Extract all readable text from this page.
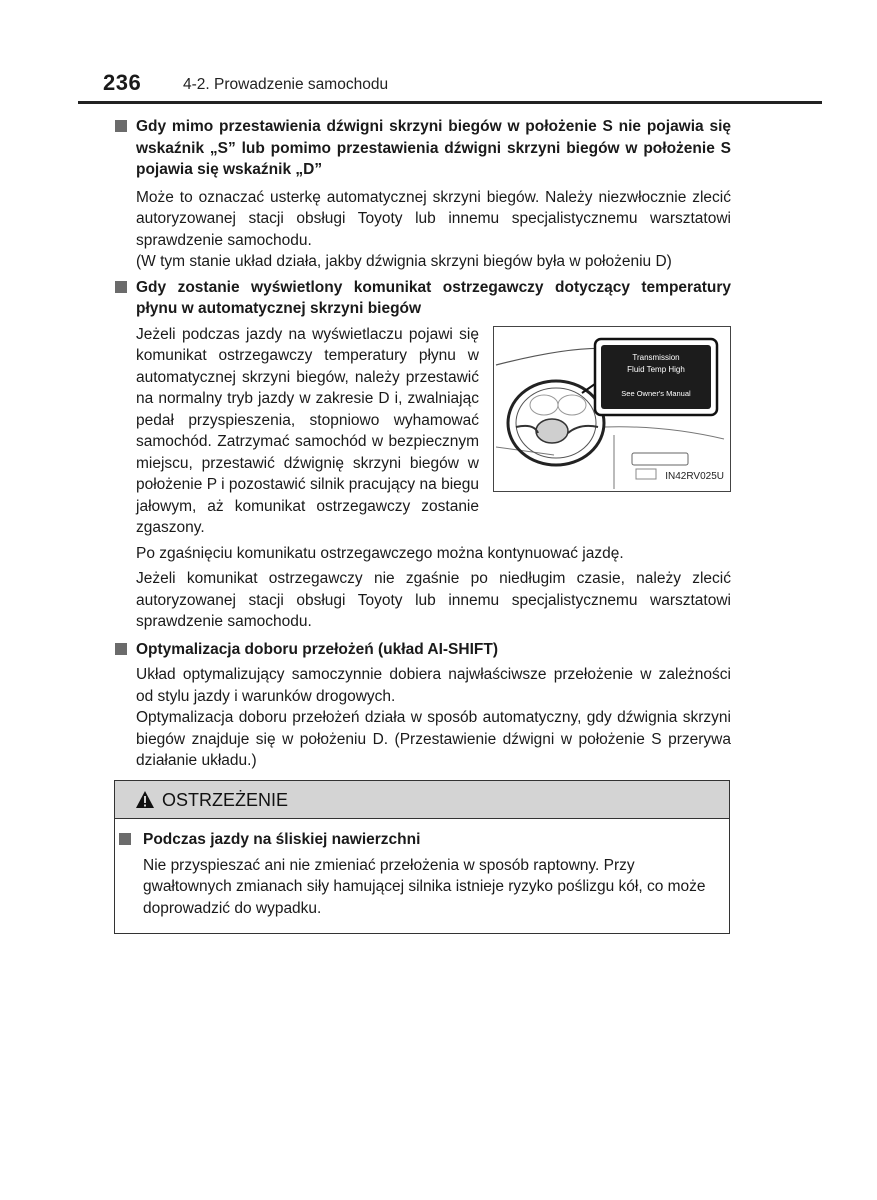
236	4-2. Prowadzenie samochodu

Gdy mimo przestawienia dźwigni skrzyni biegów w położenie S nie pojawia się wskaźnik „S” lub pomimo przestawienia dźwigni skrzyni biegów w położenie S pojawia się wskaźnik „D”

Może to oznaczać usterkę automatycznej skrzyni biegów. Należy niezwłocznie zlecić autoryzowanej stacji obsługi Toyoty lub innemu specjalistycznemu warsztatowi sprawdzenie samochodu.

(W tym stanie układ działa, jakby dźwignia skrzyni biegów była w położeniu D)

Gdy zostanie wyświetlony komunikat ostrzegawczy dotyczący temperatury płynu w automatycznej skrzyni biegów

Transmission
Fluid Temp High
See Owner's Manual
IN42RV025U
Jeżeli podczas jazdy na wyświetlaczu pojawi się komunikat ostrzegawczy temperatury płynu w automatycznej skrzyni biegów, należy przestawić na normalny tryb jazdy w zakresie D i, zwalniając pedał przyspieszenia, stopniowo wyhamować samochód. Zatrzymać samochód w bezpiecznym miejscu, przestawić dźwignię skrzyni biegów w położenie P i pozostawić silnik pracujący na biegu jałowym, aż komunikat ostrzegawczy zostanie zgaszony.

Po zgaśnięciu komunikatu ostrzegawczego można kontynuować jazdę.

Jeżeli komunikat ostrzegawczy nie zgaśnie po niedługim czasie, należy zlecić autoryzowanej stacji obsługi Toyoty lub innemu specjalistycznemu warsztatowi sprawdzenie samochodu.

Optymalizacja doboru przełożeń (układ AI-SHIFT)

Układ optymalizujący samoczynnie dobiera najwłaściwsze przełożenie w zależności od stylu jazdy i warunków drogowych.

Optymalizacja doboru przełożeń działa w sposób automatyczny, gdy dźwignia skrzyni biegów znajduje się w położeniu D. (Przestawienie dźwigni w położenie S przerywa działanie układu.)

OSTRZEŻENIE

Podczas jazdy na śliskiej nawierzchni

Nie przyspieszać ani nie zmieniać przełożenia w sposób raptowny. Przy gwałtownych zmianach siły hamującej silnika istnieje ryzyko poślizgu kół, co może doprowadzić do wypadku.
